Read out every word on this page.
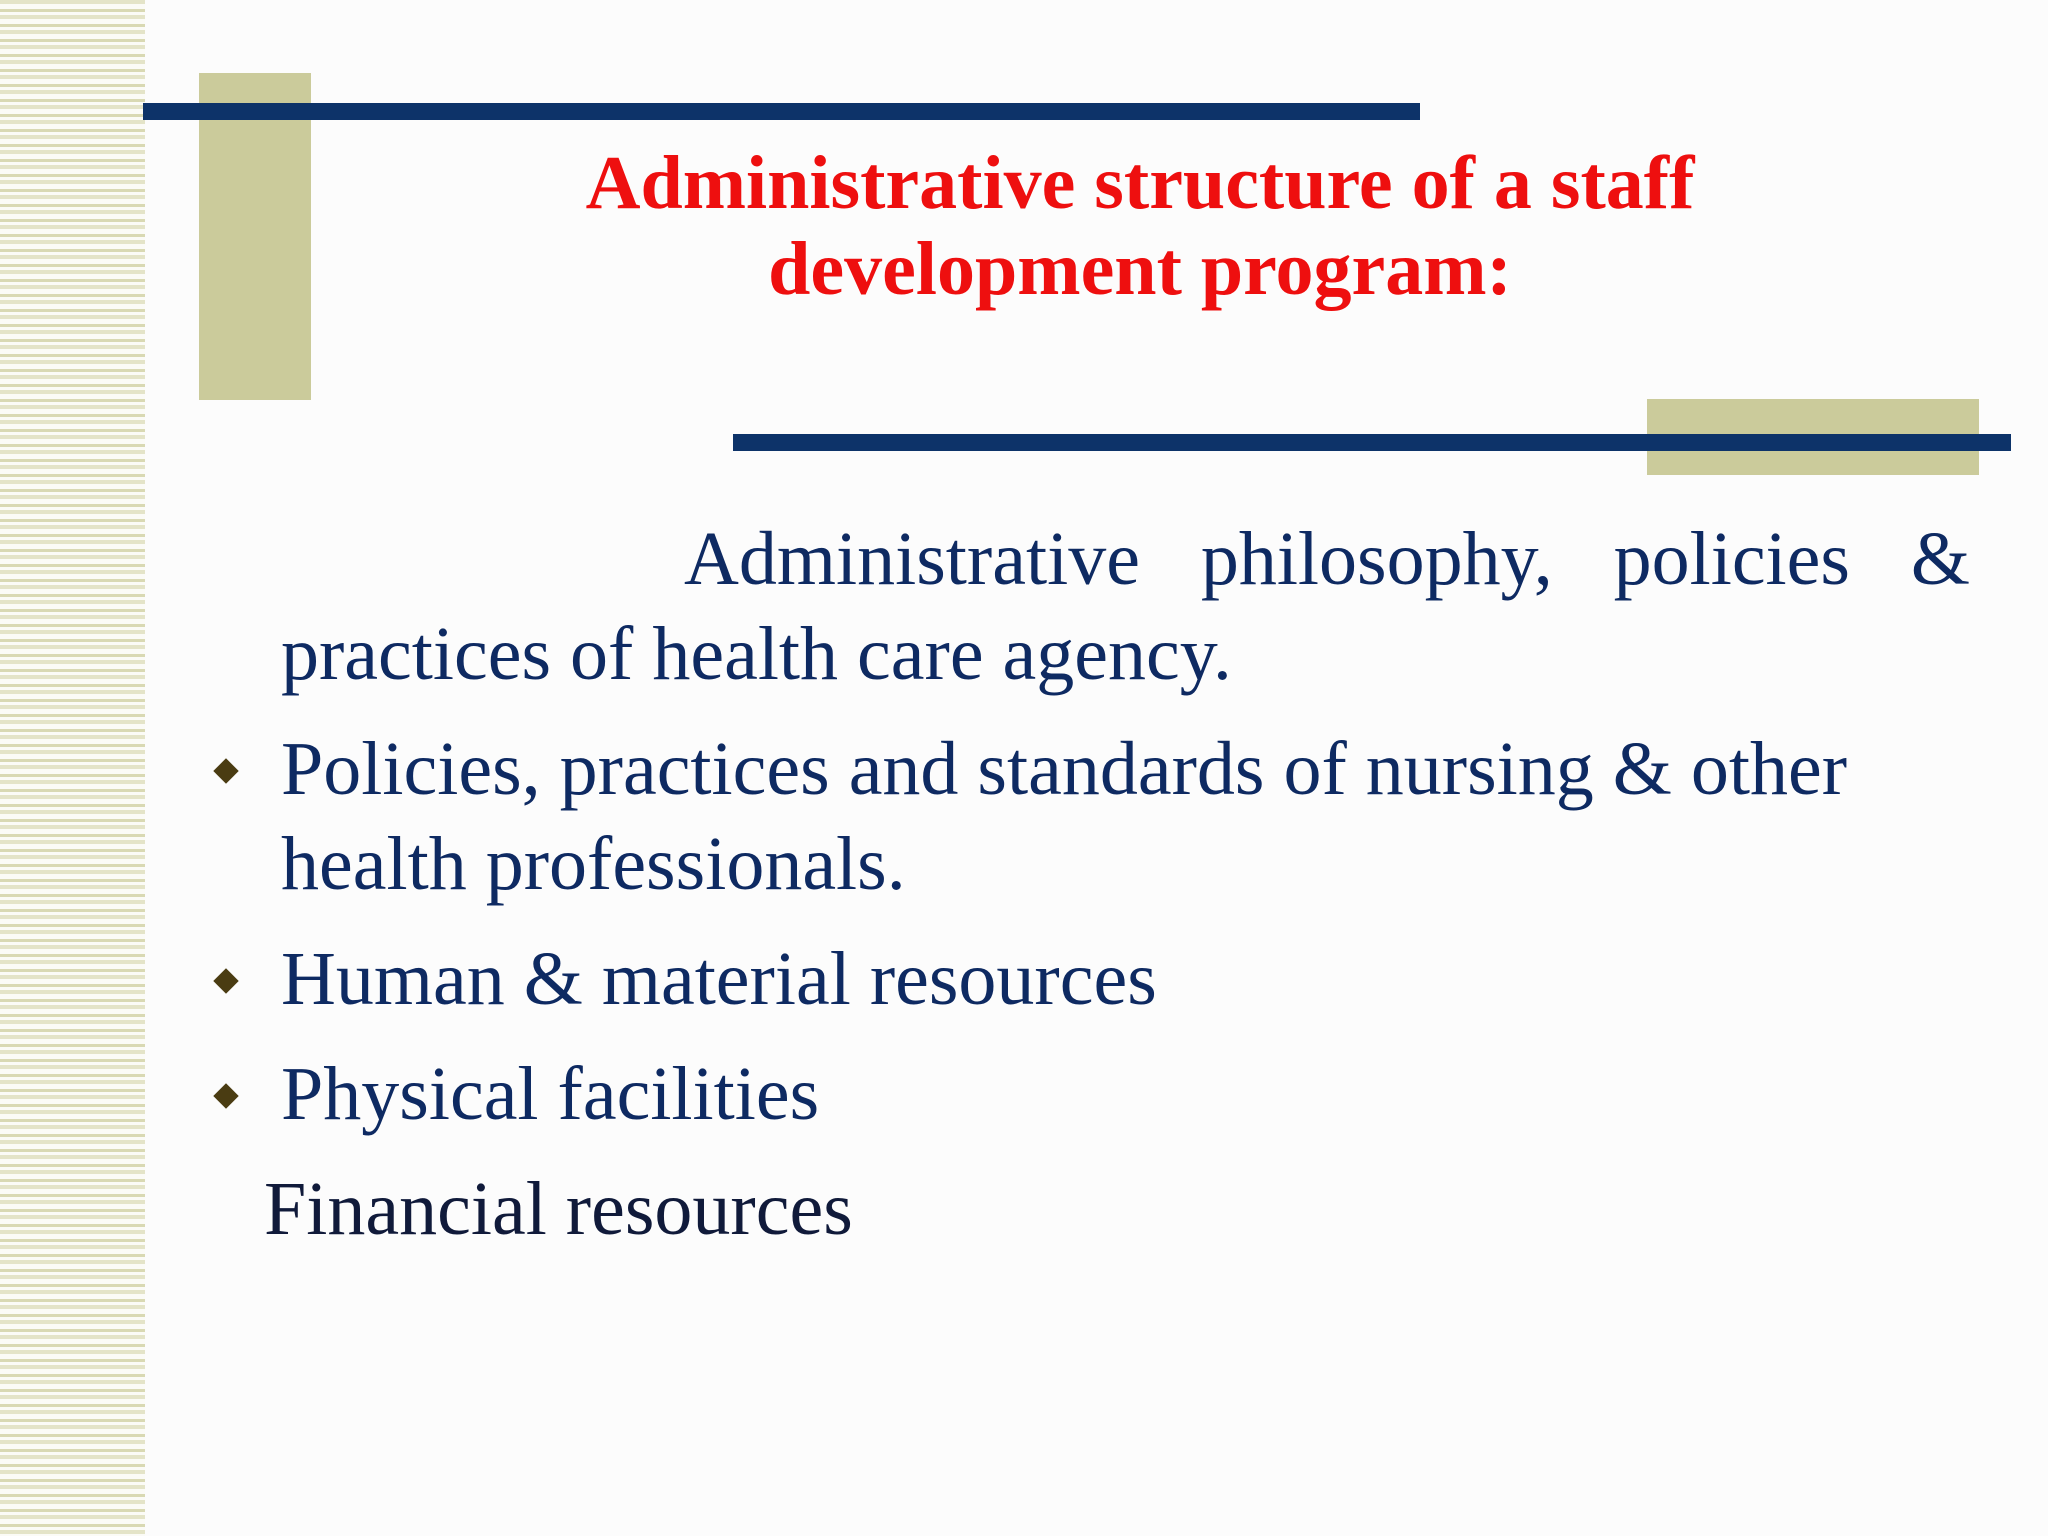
Administrative structure of a staff
development program:

Administrative philosophy, policies & practices of health care agency.

Policies, practices and standards of nursing & other health professionals.
Human & material resources
Physical facilities

Financial resources
